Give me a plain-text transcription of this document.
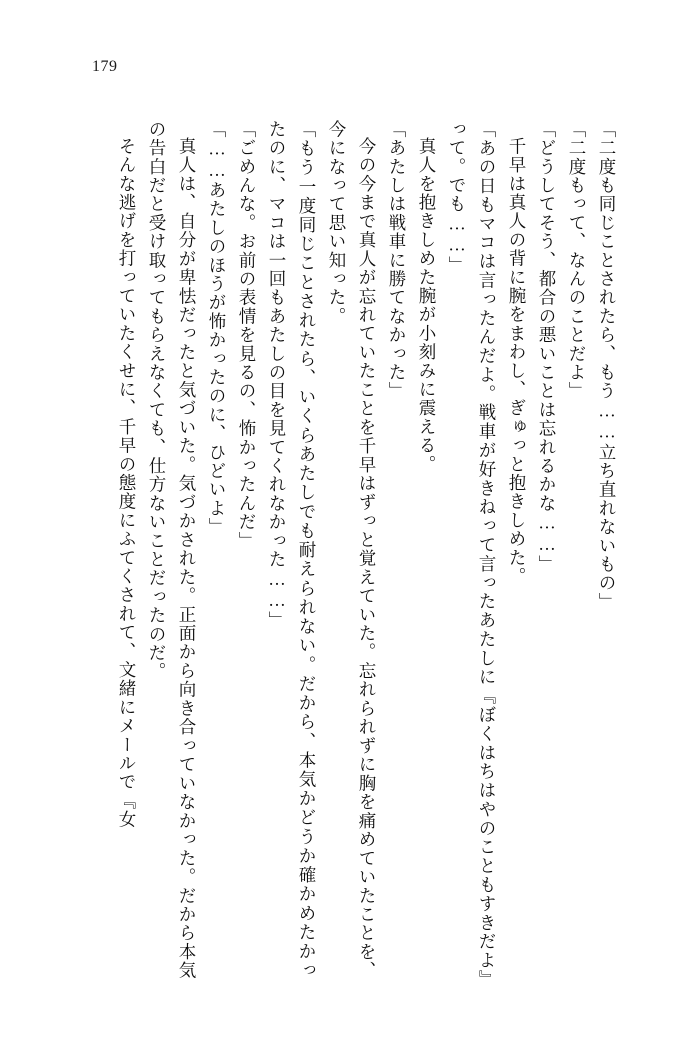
179

「二度も同じことされたら、もう……立ち直れないもの」

「二度もって、なんのことだよ」

「どうしてそう、都合の悪いことは忘れるかな……」

千早は真人の背に腕をまわし、ぎゅっと抱きしめた。

「あの日もマコは言ったんだよ。戦車が好きねって言ったあたしに『ぼくはちはやのこともすきだよ』って。でも……」

真人を抱きしめた腕が小刻みに震える。

「あたしは戦車に勝てなかった」

今の今まで真人が忘れていたことを千早はずっと覚えていた。忘れられずに胸を痛めていたことを、今になって思い知った。

「もう一度同じことされたら、いくらあたしでも耐えられない。だから、本気かどうか確かめたかったのに、マコは一回もあたしの目を見てくれなかった……」

「ごめんな。お前の表情を見るの、怖かったんだ」

「……あたしのほうが怖かったのに、ひどいよ」

真人は、自分が卑怯だったと気づいた。気づかされた。正面から向き合っていなかった。だから本気の告白だと受け取ってもらえなくても、仕方ないことだったのだ。

そんな逃げを打っていたくせに、千早の態度にふてくされて、文緒にメールで『女
